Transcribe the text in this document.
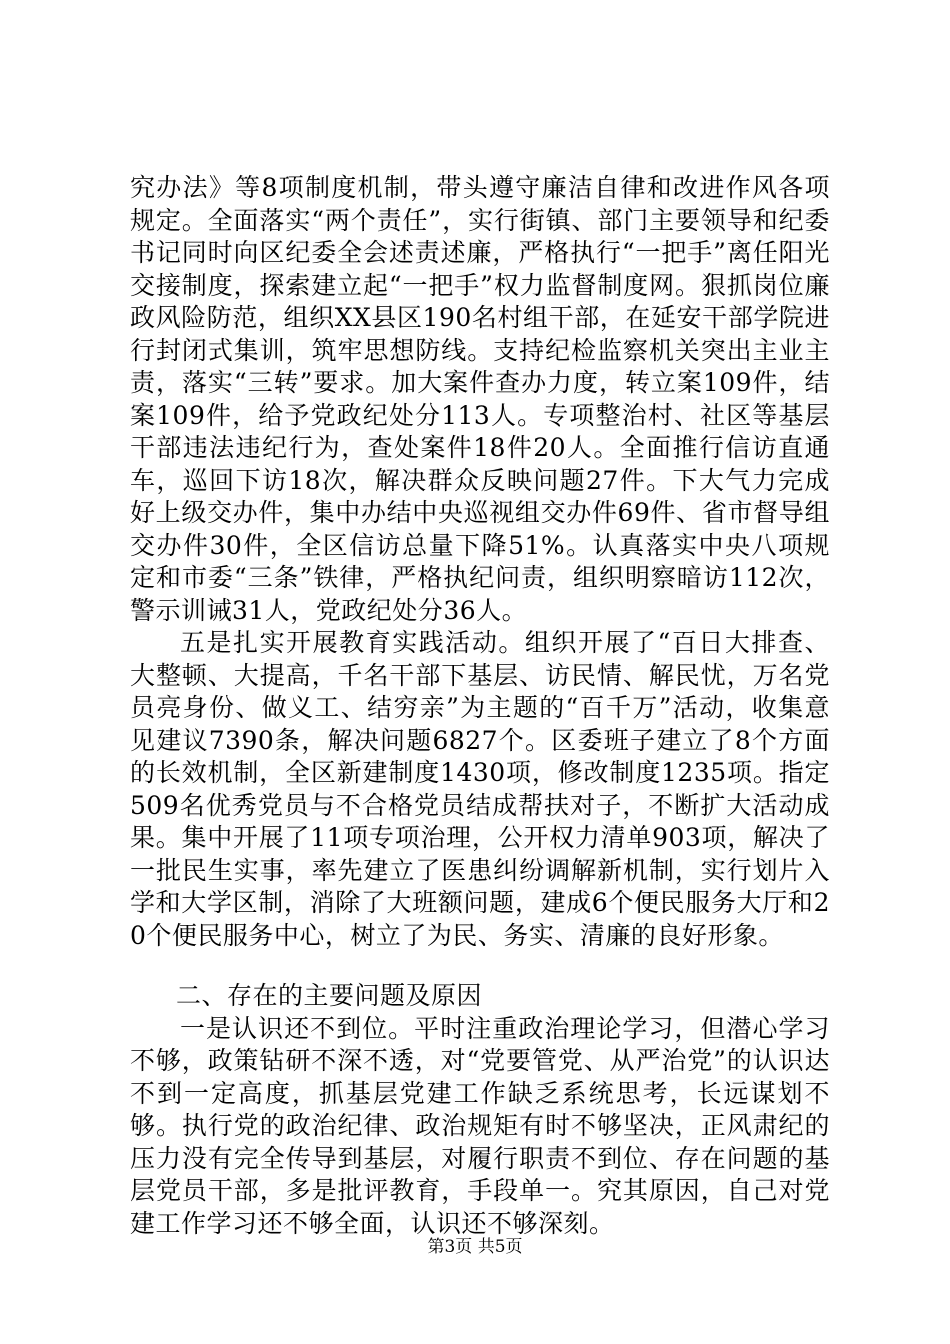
究办法》等8项制度机制，带头遵守廉洁自律和改进作风各项规定。全面落实“两个责任”，实行街镇、部门主要领导和纪委书记同时向区纪委全会述责述廉，严格执行“一把手”离任阳光交接制度，探索建立起“一把手”权力监督制度网。狠抓岗位廉政风险防范，组织XX县区190名村组干部，在延安干部学院进行封闭式集训，筑牢思想防线。支持纪检监察机关突出主业主责，落实“三转”要求。加大案件查办力度，转立案109件，结案109件，给予党政纪处分113人。专项整治村、社区等基层干部违法违纪行为，查处案件18件20人。全面推行信访直通车，巡回下访18次，解决群众反映问题27件。下大气力完成好上级交办件，集中办结中央巡视组交办件69件、省市督导组交办件30件，全区信访总量下降51%。认真落实中央八项规定和市委“三条”铁律，严格执纪问责，组织明察暗访112次，警示训诫31人，党政纪处分36人。

五是扎实开展教育实践活动。组织开展了“百日大排查、大整顿、大提高，千名干部下基层、访民情、解民忧，万名党员亮身份、做义工、结穷亲”为主题的“百千万”活动，收集意见建议7390条，解决问题6827个。区委班子建立了8个方面的长效机制，全区新建制度1430项，修改制度1235项。指定509名优秀党员与不合格党员结成帮扶对子，不断扩大活动成果。集中开展了11项专项治理，公开权力清单903项，解决了一批民生实事，率先建立了医患纠纷调解新机制，实行划片入学和大学区制，消除了大班额问题，建成6个便民服务大厅和20个便民服务中心，树立了为民、务实、清廉的良好形象。

二、存在的主要问题及原因

一是认识还不到位。平时注重政治理论学习，但潜心学习不够，政策钻研不深不透，对“党要管党、从严治党”的认识达不到一定高度，抓基层党建工作缺乏系统思考，长远谋划不够。执行党的政治纪律、政治规矩有时不够坚决，正风肃纪的压力没有完全传导到基层，对履行职责不到位、存在问题的基层党员干部，多是批评教育，手段单一。究其原因，自己对党建工作学习还不够全面，认识还不够深刻。

第3页 共5页
